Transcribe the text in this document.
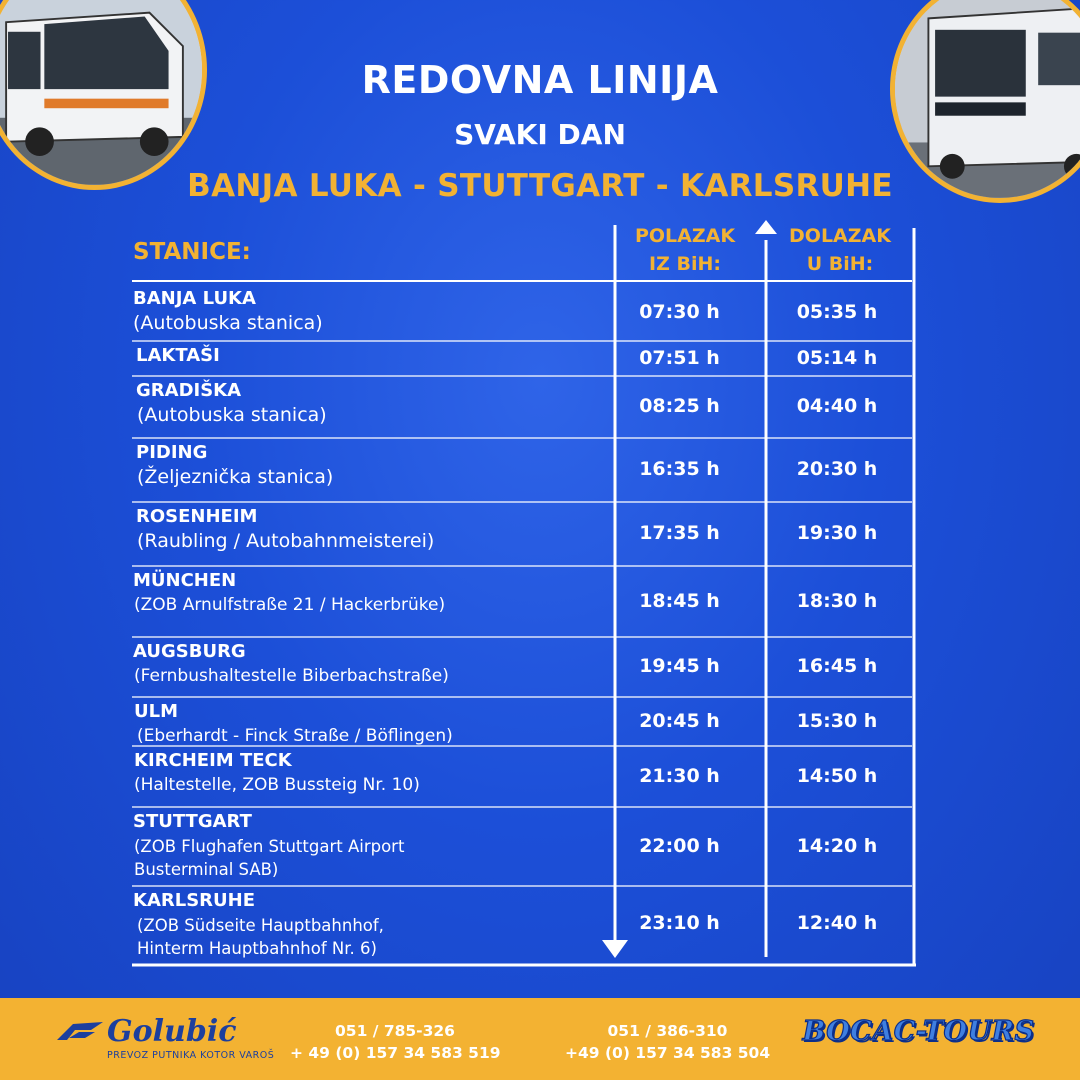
REDOVNA LINIJA
SVAKI DAN
BANJA LUKA - STUTTGART - KARLSRUHE
STANICE:
POLAZAK
IZ BiH:
DOLAZAK
U BiH:
BANJA LUKA
(Autobuska stanica)
07:30 h	05:35 h
LAKTAŠI	07:51 h	05:14 h
GRADIŠKA
(Autobuska stanica)	08:25 h	04:40 h
PIDING
(Željeznička stanica)	16:35 h	20:30 h
ROSENHEIM
(Raubling / Autobahnmeisterei)	17:35 h	19:30 h
MÜNCHEN
(ZOB Arnulfstraße 21 / Hackerbrüke)	18:45 h	18:30 h
AUGSBURG
(Fernbushaltestelle Biberbachstraße)	19:45 h	16:45 h
ULM
(Eberhardt - Finck Straße / Böflingen)
20:45 h	15:30 h
KIRCHEIM TECK
(Haltestelle, ZOB Bussteig Nr. 10)	21:30 h	14:50 h
STUTTGART
(ZOB Flughafen Stuttgart Airport
Busterminal SAB)
22:00 h	14:20 h
KARLSRUHE
(ZOB Südseite Hauptbahnhof,
Hinterm Hauptbahnhof Nr. 6)
23:10 h	12:40 h
Golubić
PREVOZ PUTNIKA KOTOR VAROŠ
051 / 785-326
+ 49 (0) 157 34 583 519
051 / 386-310
+49 (0) 157 34 583 504
BOCAC-TOURS
